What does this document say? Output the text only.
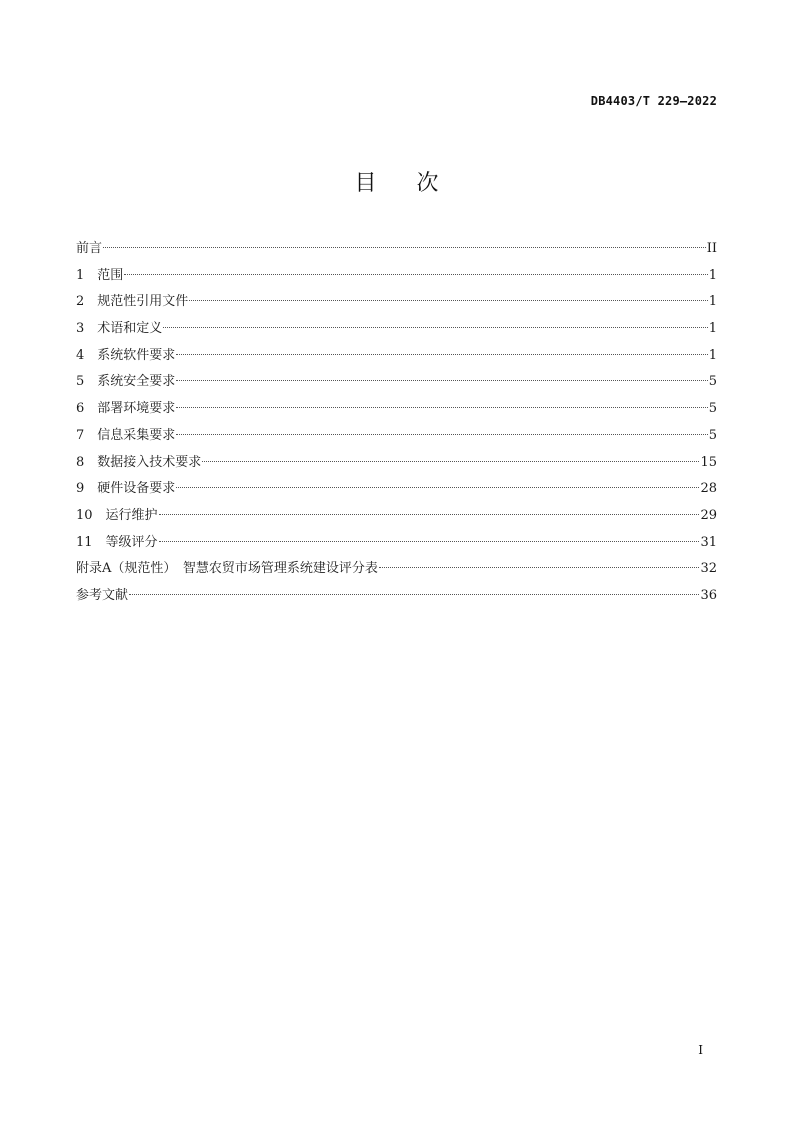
DB4403/T 229—2022
目次
前言	II
1　范围	1
2　规范性引用文件	1
3　术语和定义	1
4　系统软件要求	1
5　系统安全要求	5
6　部署环境要求	5
7　信息采集要求	5
8　数据接入技术要求	15
9　硬件设备要求	28
10　运行维护	29
11　等级评分	31
附录A（规范性）　智慧农贸市场管理系统建设评分表	32
参考文献	36
I
